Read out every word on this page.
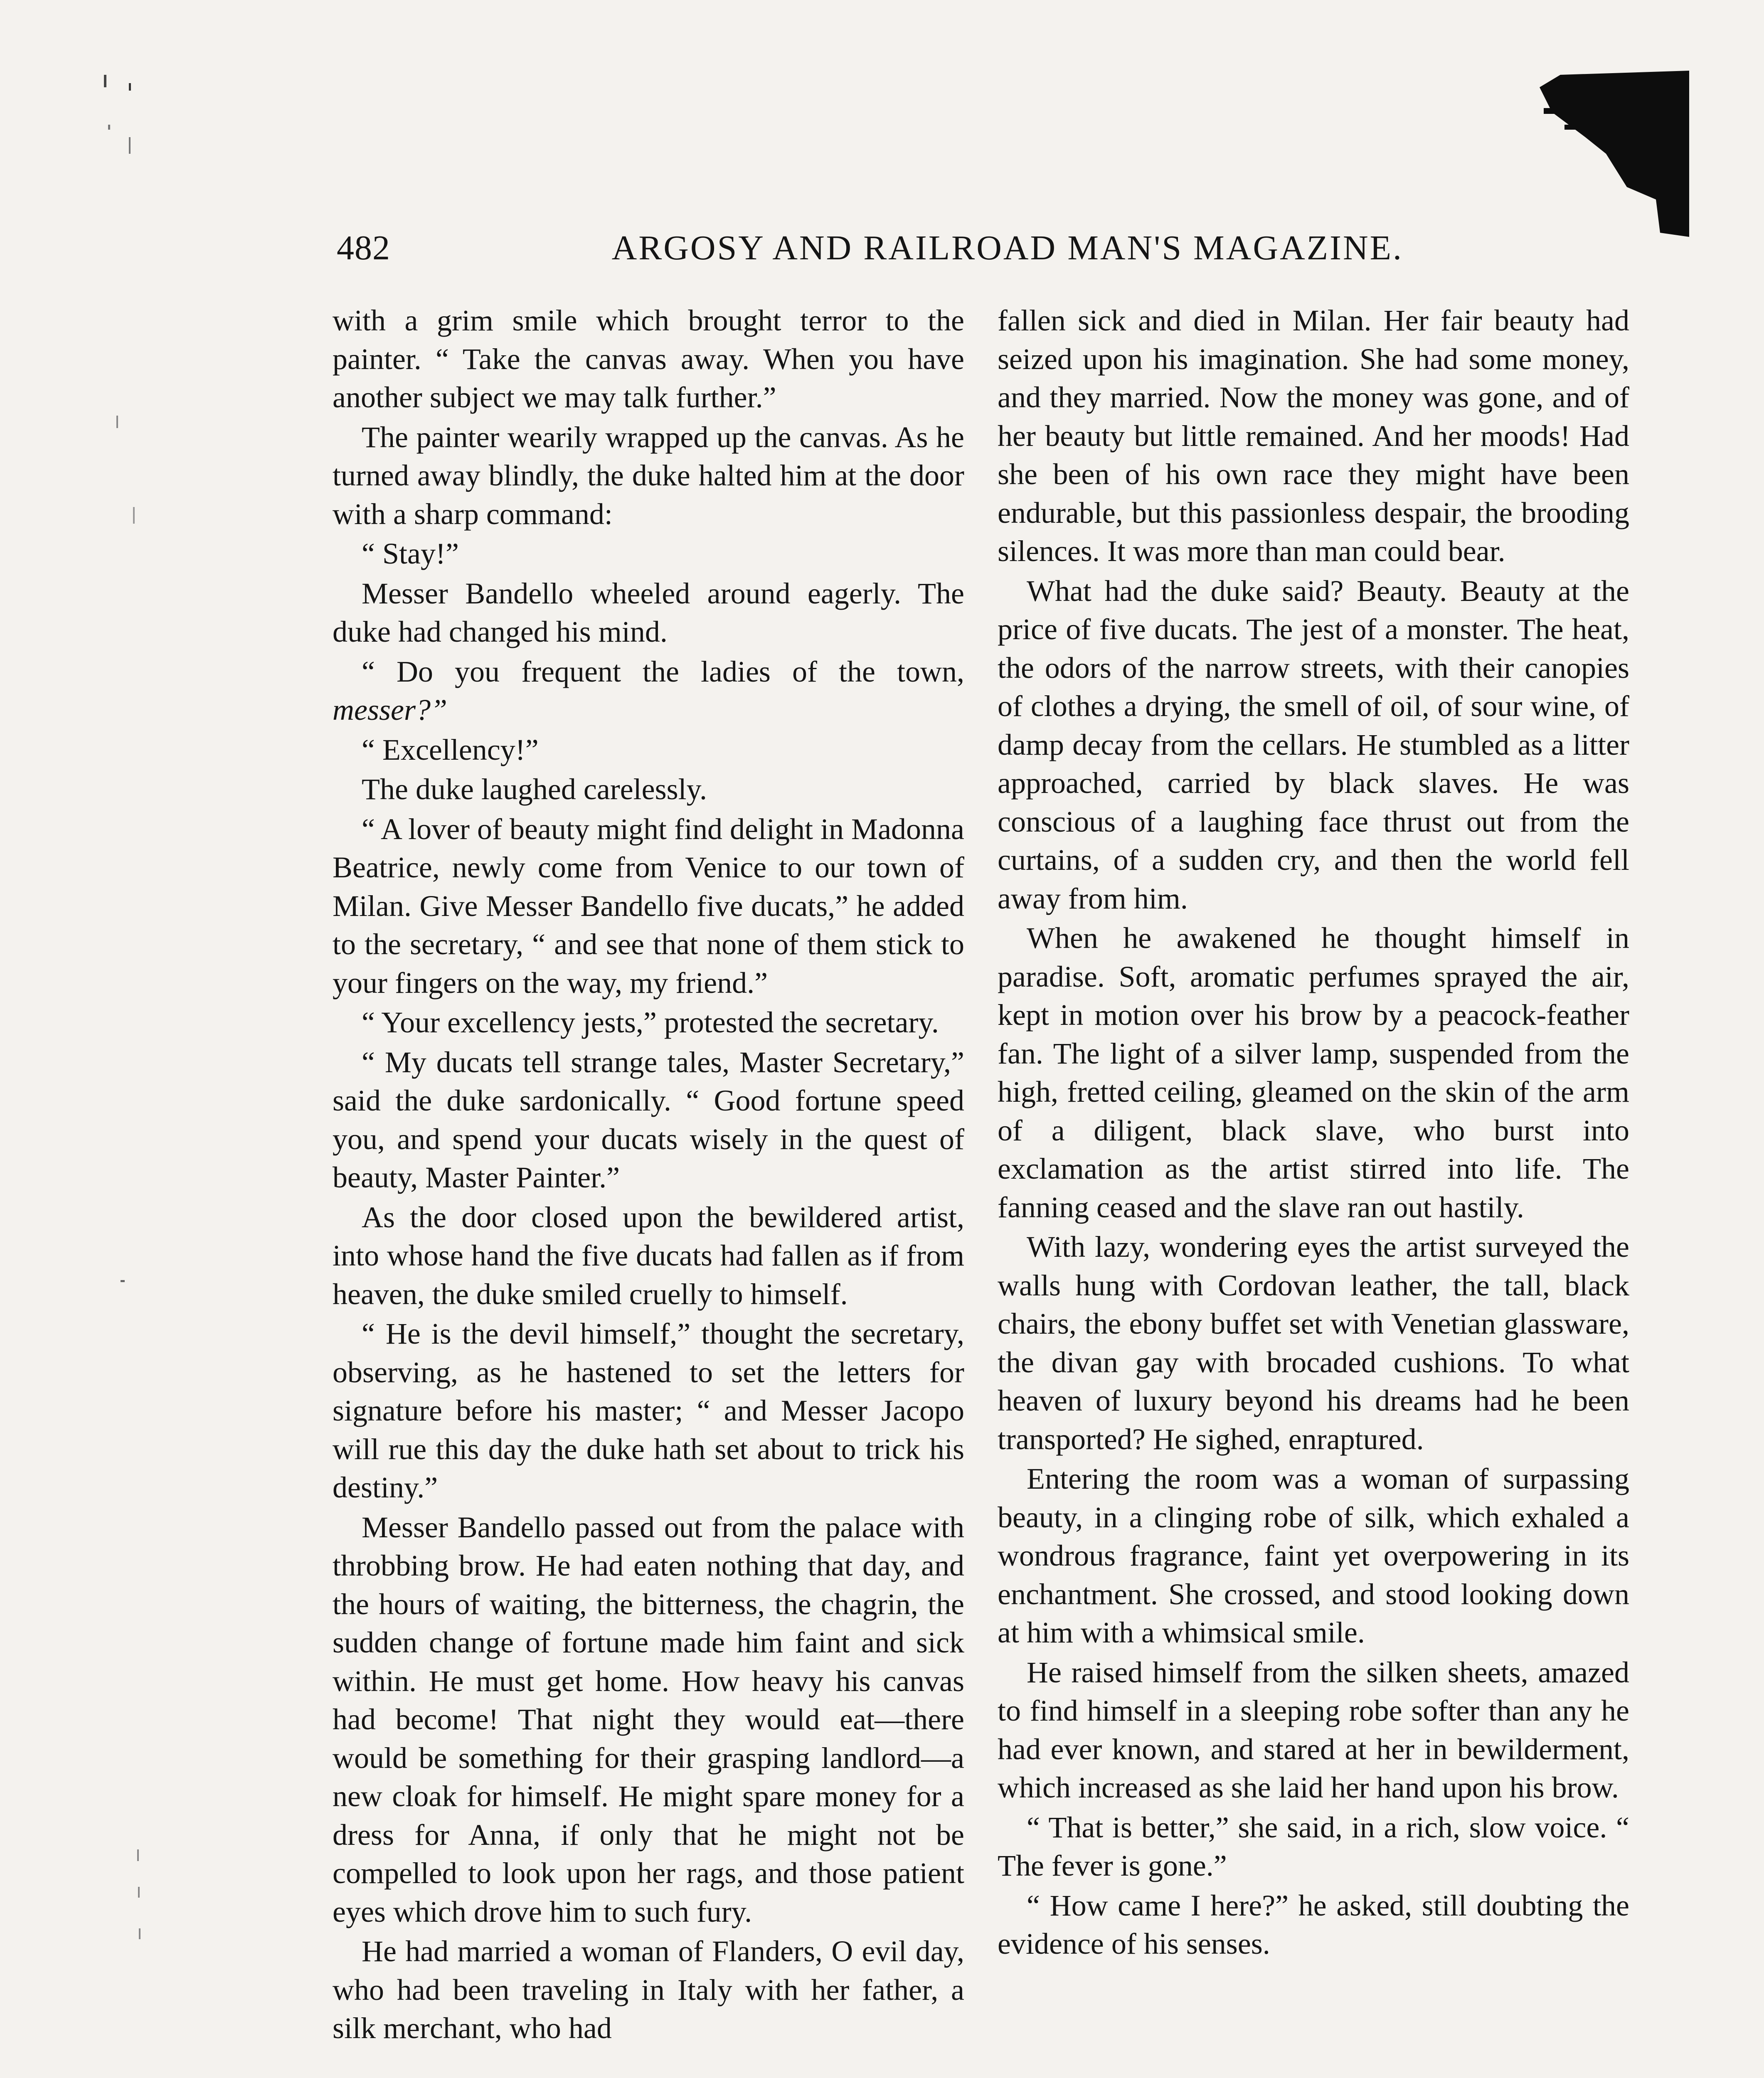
482	ARGOSY AND RAILROAD MAN'S MAGAZINE.

with a grim smile which brought terror to the painter. “ Take the canvas away. When you have another subject we may talk further.”

The painter wearily wrapped up the canvas. As he turned away blindly, the duke halted him at the door with a sharp command:

“ Stay!”

Messer Bandello wheeled around eagerly. The duke had changed his mind.

“ Do you frequent the ladies of the town, messer?”

“ Excellency!”

The duke laughed carelessly.

“ A lover of beauty might find delight in Madonna Beatrice, newly come from Venice to our town of Milan. Give Messer Bandello five ducats,” he added to the secretary, “ and see that none of them stick to your fingers on the way, my friend.”

“ Your excellency jests,” protested the secretary.

“ My ducats tell strange tales, Master Secretary,” said the duke sardonically. “ Good fortune speed you, and spend your ducats wisely in the quest of beauty, Master Painter.”

As the door closed upon the bewildered artist, into whose hand the five ducats had fallen as if from heaven, the duke smiled cruelly to himself.

“ He is the devil himself,” thought the secretary, observing, as he hastened to set the letters for signature before his master; “ and Messer Jacopo will rue this day the duke hath set about to trick his destiny.”

Messer Bandello passed out from the palace with throbbing brow. He had eaten nothing that day, and the hours of waiting, the bitterness, the chagrin, the sudden change of fortune made him faint and sick within. He must get home. How heavy his canvas had become! That night they would eat—there would be something for their grasping landlord—a new cloak for himself. He might spare money for a dress for Anna, if only that he might not be compelled to look upon her rags, and those patient eyes which drove him to such fury.

He had married a woman of Flanders, O evil day, who had been traveling in Italy with her father, a silk merchant, who had

fallen sick and died in Milan. Her fair beauty had seized upon his imagination. She had some money, and they married. Now the money was gone, and of her beauty but little remained. And her moods! Had she been of his own race they might have been endurable, but this passionless despair, the brooding silences. It was more than man could bear.

What had the duke said? Beauty. Beauty at the price of five ducats. The jest of a monster. The heat, the odors of the narrow streets, with their canopies of clothes a drying, the smell of oil, of sour wine, of damp decay from the cellars. He stumbled as a litter approached, carried by black slaves. He was conscious of a laughing face thrust out from the curtains, of a sudden cry, and then the world fell away from him.

When he awakened he thought himself in paradise. Soft, aromatic perfumes sprayed the air, kept in motion over his brow by a peacock-feather fan. The light of a silver lamp, suspended from the high, fretted ceiling, gleamed on the skin of the arm of a diligent, black slave, who burst into exclamation as the artist stirred into life. The fanning ceased and the slave ran out hastily.

With lazy, wondering eyes the artist surveyed the walls hung with Cordovan leather, the tall, black chairs, the ebony buffet set with Venetian glassware, the divan gay with brocaded cushions. To what heaven of luxury beyond his dreams had he been transported? He sighed, enraptured.

Entering the room was a woman of surpassing beauty, in a clinging robe of silk, which exhaled a wondrous fragrance, faint yet overpowering in its enchantment. She crossed, and stood looking down at him with a whimsical smile.

He raised himself from the silken sheets, amazed to find himself in a sleeping robe softer than any he had ever known, and stared at her in bewilderment, which increased as she laid her hand upon his brow.

“ That is better,” she said, in a rich, slow voice. “ The fever is gone.”

“ How came I here?” he asked, still doubting the evidence of his senses.
